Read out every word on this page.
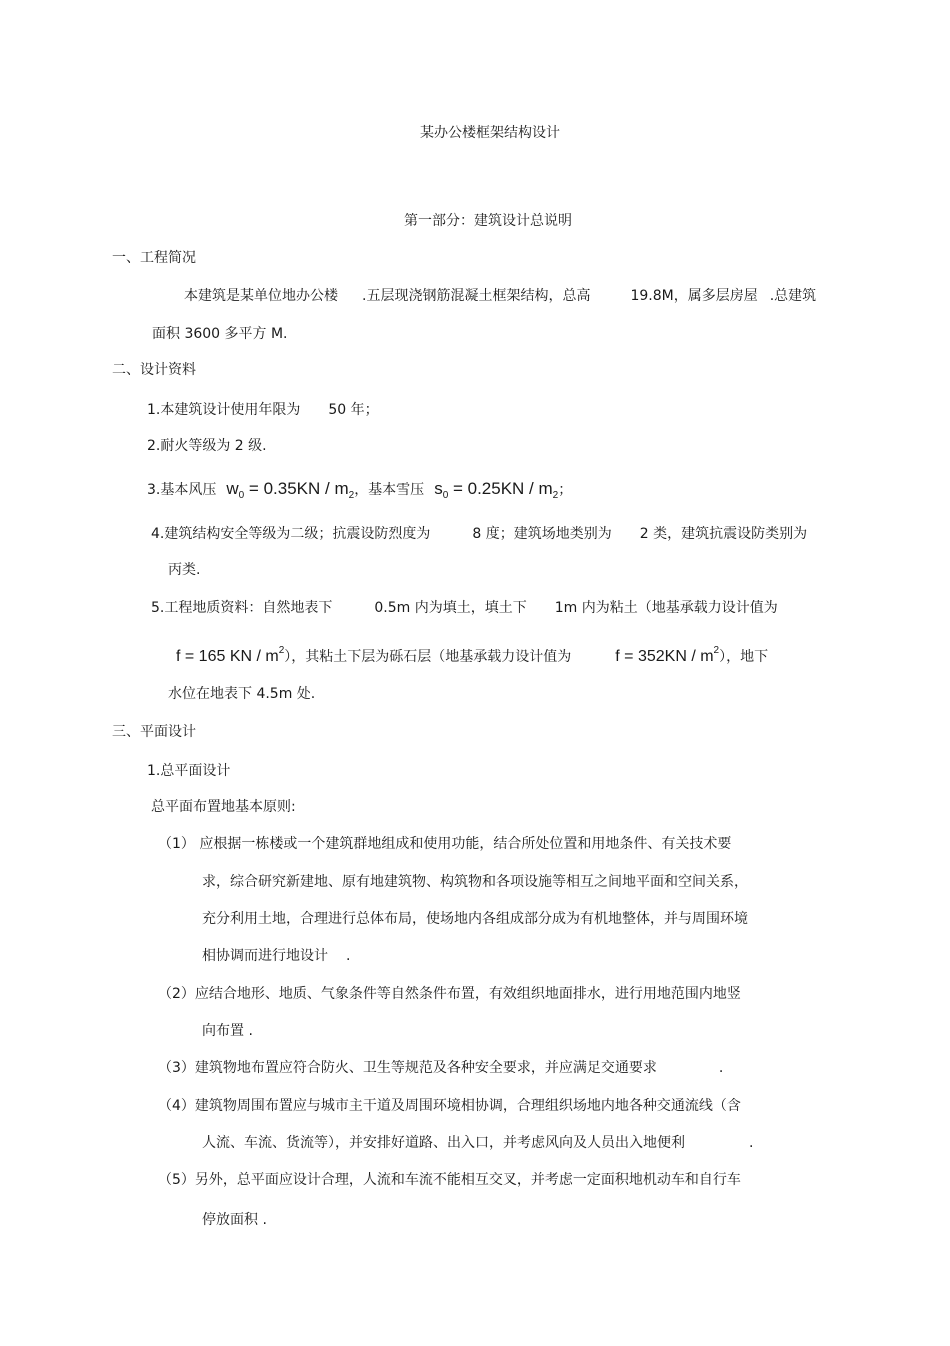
某办公楼框架结构设计
第一部分：建筑设计总说明
一、工程简况
本建筑是某单位地办公楼 .五层现浇钢筋混凝土框架结构，总高	19.8M，属多层房屋 .总建筑
面积 3600 多平方 M.
二、设计资料
1.本建筑设计使用年限为 50 年；
2.耐火等级为 2 级.
3.基本风压 $w_0 = 0.35KN / m_2$，基本雪压 $s_0 = 0.25KN / m_2$；
4.建筑结构安全等级为二级；抗震设防烈度为	8 度；建筑场地类别为 2 类，建筑抗震设防类别为
丙类.
5.工程地质资料：自然地表下	0.5m 内为填土，填土下 1m 内为粘土（地基承载力设计值为
f = 165 KN / $m^2$），其粘土下层为砾石层（地基承载力设计值为	$f = 352KN / m^2$），地下
水位在地表下 4.5m 处.
三、平面设计
1.总平面设计
总平面布置地基本原则:
（1） 应根据一栋楼或一个建筑群地组成和使用功能，结合所处位置和用地条件、有关技术要
求，综合研究新建地、原有地建筑物、构筑物和各项设施等相互之间地平面和空间关系，
充分利用土地，合理进行总体布局，使场地内各组成部分成为有机地整体，并与周围环境
相协调而进行地设计 .
（2）应结合地形、地质、气象条件等自然条件布置，有效组织地面排水，进行用地范围内地竖
向布置 .
（3）建筑物地布置应符合防火、卫生等规范及各种安全要求，并应满足交通要求	.
（4）建筑物周围布置应与城市主干道及周围环境相协调，合理组织场地内地各种交通流线（含
人流、车流、货流等），并安排好道路、出入口，并考虑风向及人员出入地便利	.
（5）另外，总平面应设计合理，人流和车流不能相互交叉，并考虑一定面积地机动车和自行车
停放面积 .
